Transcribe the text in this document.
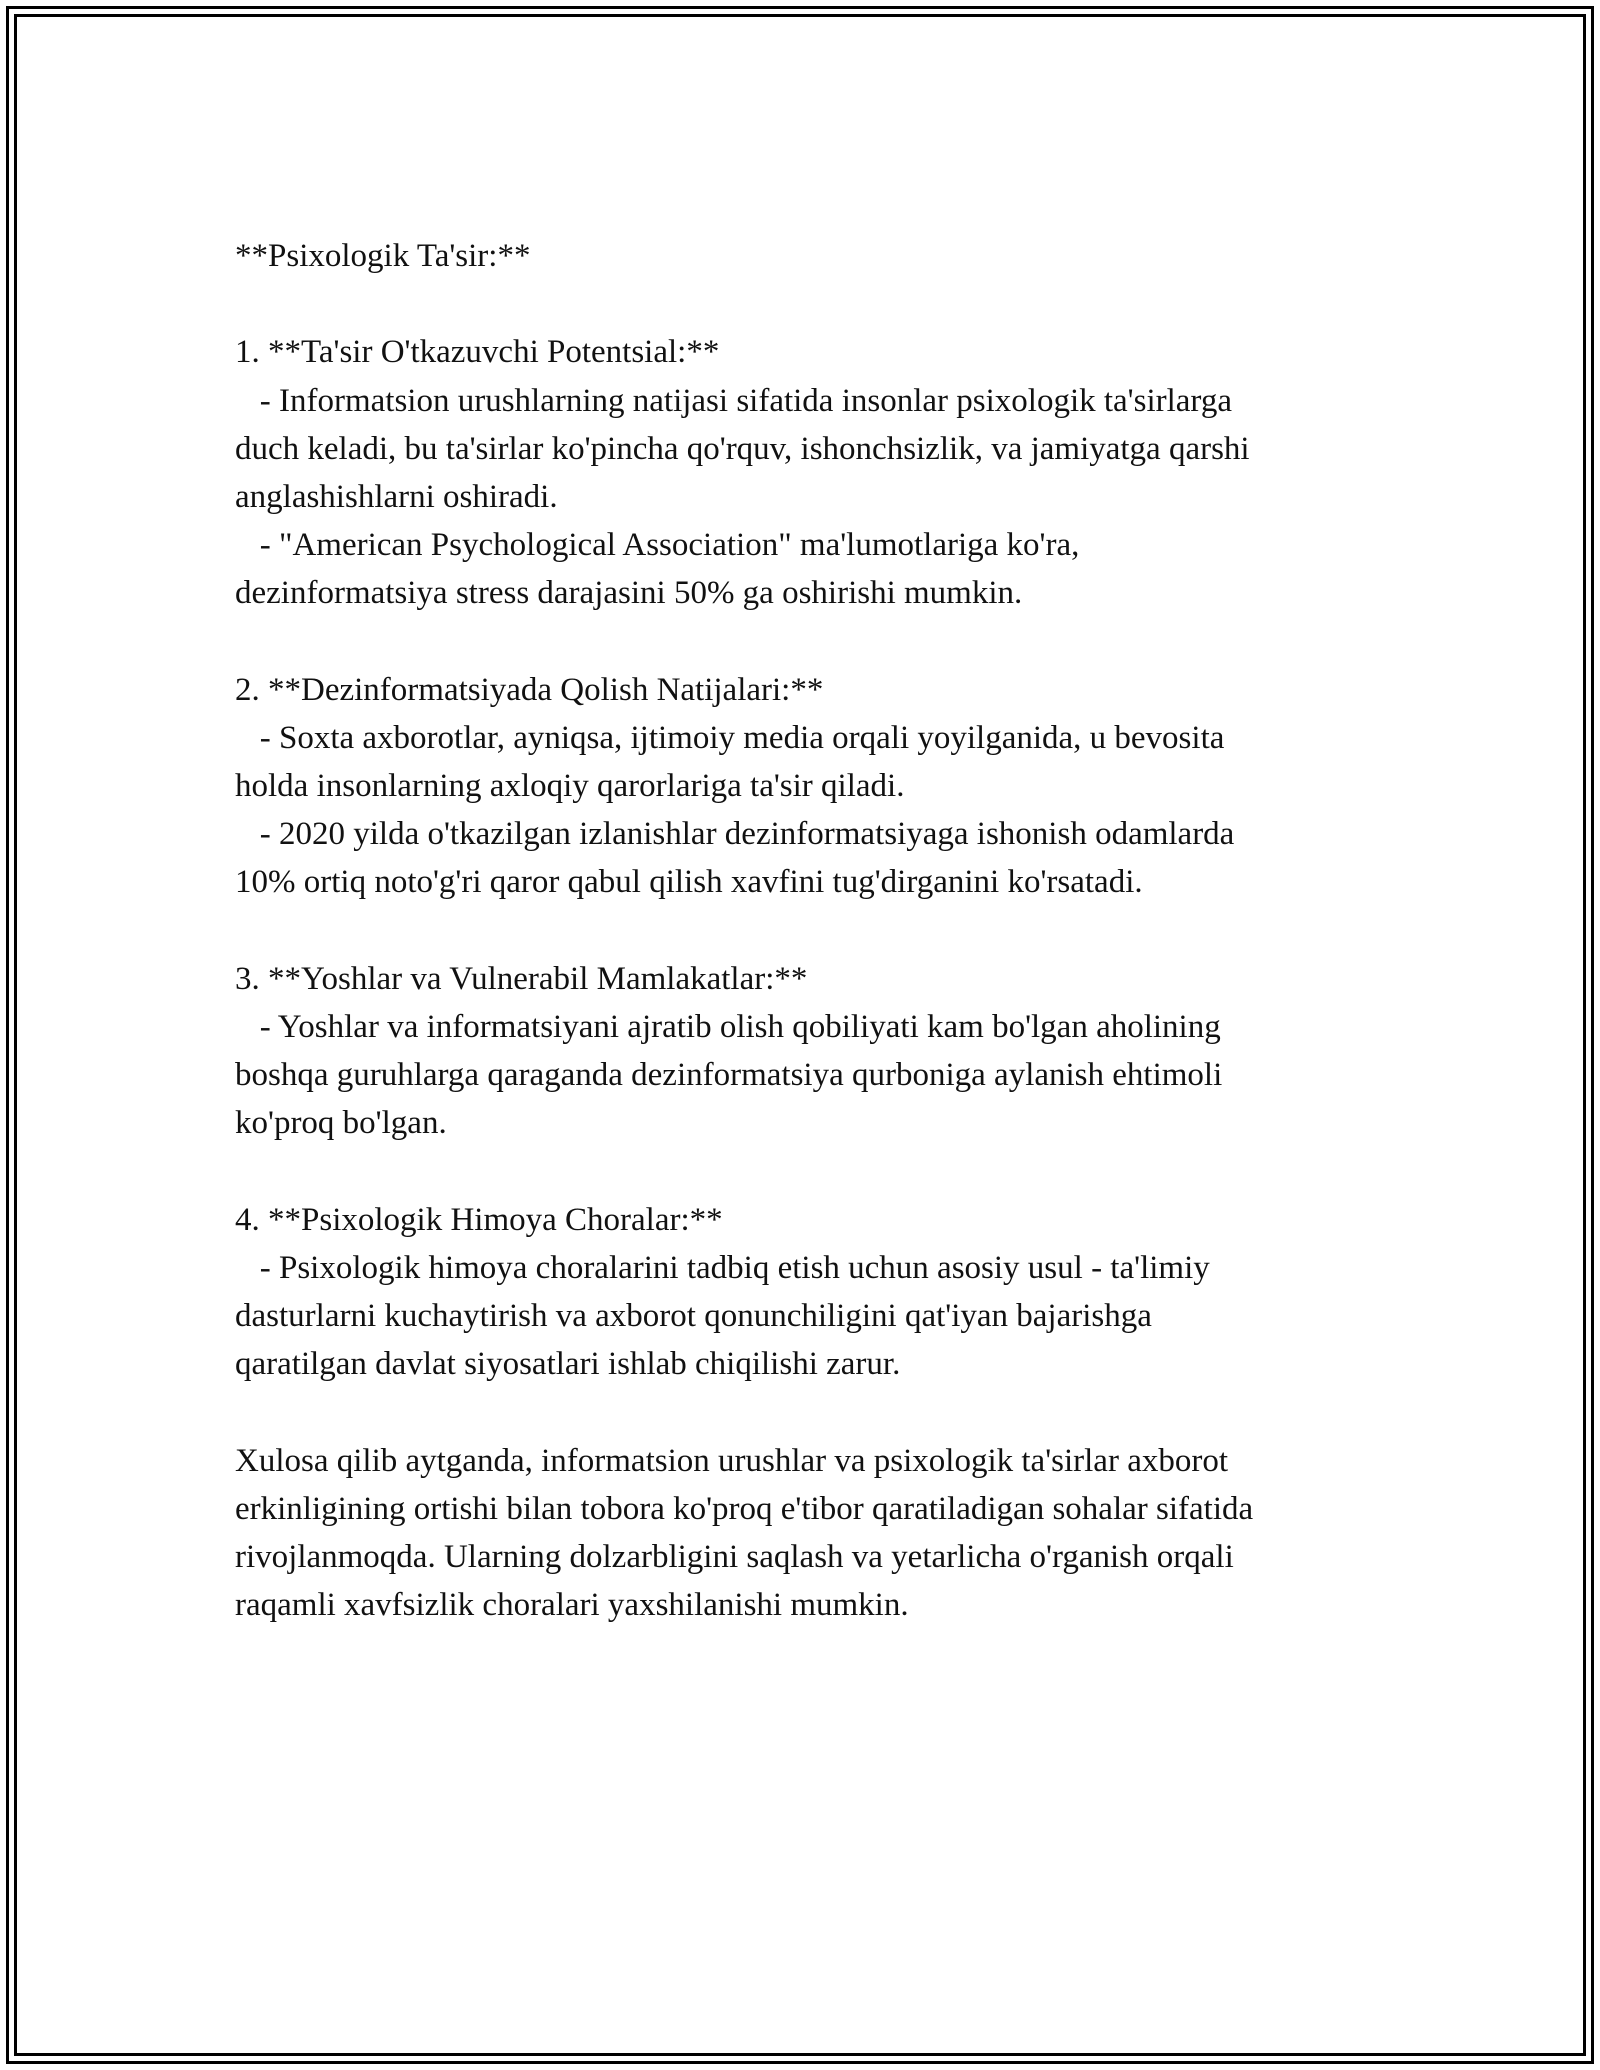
**Psixologik Ta'sir:**
1. **Ta'sir O'tkazuvchi Potentsial:**
- Informatsion urushlarning natijasi sifatida insonlar psixologik ta'sirlarga
duch keladi, bu ta'sirlar ko'pincha qo'rquv, ishonchsizlik, va jamiyatga qarshi
anglashishlarni oshiradi.
- "American Psychological Association" ma'lumotlariga ko'ra,
dezinformatsiya stress darajasini 50% ga oshirishi mumkin.
2. **Dezinformatsiyada Qolish Natijalari:**
- Soxta axborotlar, ayniqsa, ijtimoiy media orqali yoyilganida, u bevosita
holda insonlarning axloqiy qarorlariga ta'sir qiladi.
- 2020 yilda o'tkazilgan izlanishlar dezinformatsiyaga ishonish odamlarda
10% ortiq noto'g'ri qaror qabul qilish xavfini tug'dirganini ko'rsatadi.
3. **Yoshlar va Vulnerabil Mamlakatlar:**
- Yoshlar va informatsiyani ajratib olish qobiliyati kam bo'lgan aholining
boshqa guruhlarga qaraganda dezinformatsiya qurboniga aylanish ehtimoli
ko'proq bo'lgan.
4. **Psixologik Himoya Choralar:**
- Psixologik himoya choralarini tadbiq etish uchun asosiy usul - ta'limiy
dasturlarni kuchaytirish va axborot qonunchiligini qat'iyan bajarishga
qaratilgan davlat siyosatlari ishlab chiqilishi zarur.
Xulosa qilib aytganda, informatsion urushlar va psixologik ta'sirlar axborot
erkinligining ortishi bilan tobora ko'proq e'tibor qaratiladigan sohalar sifatida
rivojlanmoqda. Ularning dolzarbligini saqlash va yetarlicha o'rganish orqali
raqamli xavfsizlik choralari yaxshilanishi mumkin.
